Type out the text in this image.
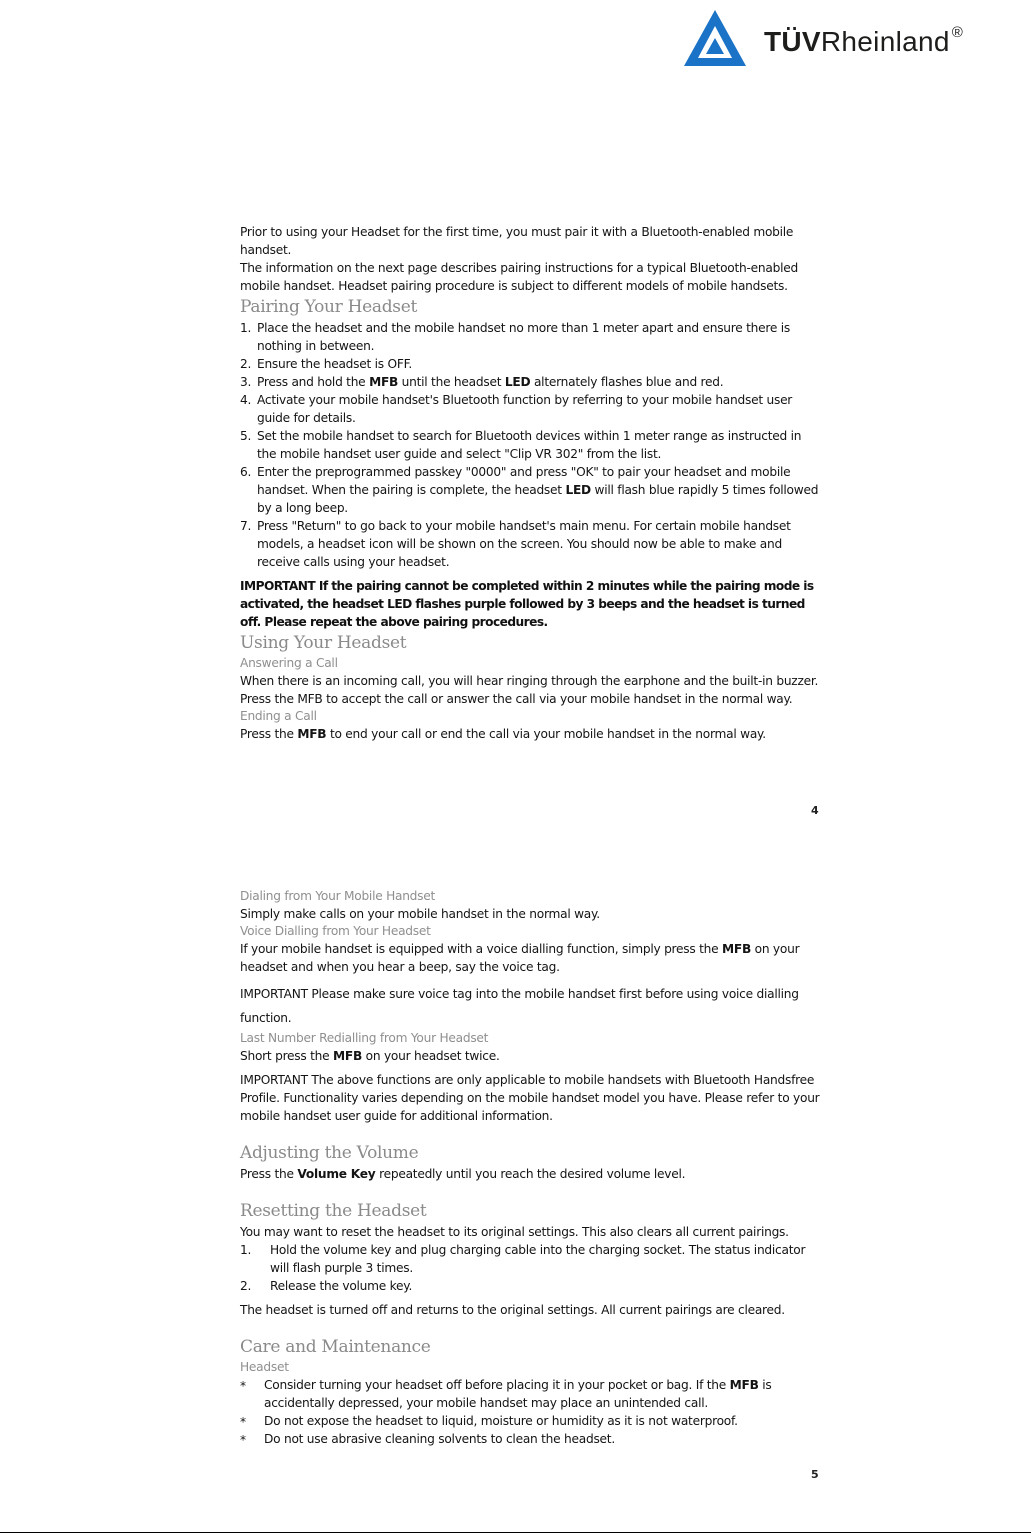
TÜVRheinland ®

Prior to using your Headset for the first time, you must pair it with a Bluetooth-enabled mobile handset.

The information on the next page describes pairing instructions for a typical Bluetooth-enabled mobile handset. Headset pairing procedure is subject to different models of mobile handsets.

Pairing Your Headset
1. Place the headset and the mobile handset no more than 1 meter apart and ensure there is nothing in between.
2. Ensure the headset is OFF.
3. Press and hold the MFB until the headset LED alternately flashes blue and red.
4. Activate your mobile handset's Bluetooth function by referring to your mobile handset user guide for details.
5. Set the mobile handset to search for Bluetooth devices within 1 meter range as instructed in the mobile handset user guide and select "Clip VR 302" from the list.
6. Enter the preprogrammed passkey "0000" and press "OK" to pair your headset and mobile handset. When the pairing is complete, the headset LED will flash blue rapidly 5 times followed by a long beep.
7. Press "Return" to go back to your mobile handset's main menu. For certain mobile handset models, a headset icon will be shown on the screen. You should now be able to make and receive calls using your headset.

IMPORTANT If the pairing cannot be completed within 2 minutes while the pairing mode is activated, the headset LED flashes purple followed by 3 beeps and the headset is turned off. Please repeat the above pairing procedures.

Using Your Headset
Answering a Call

When there is an incoming call, you will hear ringing through the earphone and the built-in buzzer. Press the MFB to accept the call or answer the call via your mobile handset in the normal way.

Ending a Call

Press the MFB to end your call or end the call via your mobile handset in the normal way.

4
Dialing from Your Mobile Handset

Simply make calls on your mobile handset in the normal way.

Voice Dialling from Your Headset

If your mobile handset is equipped with a voice dialling function, simply press the MFB on your headset and when you hear a beep, say the voice tag.

IMPORTANT Please make sure voice tag into the mobile handset first before using voice dialling function.

Last Number Redialling from Your Headset

Short press the MFB on your headset twice.

IMPORTANT The above functions are only applicable to mobile handsets with Bluetooth Handsfree Profile. Functionality varies depending on the mobile handset model you have. Please refer to your mobile handset user guide for additional information.

Adjusting the Volume

Press the Volume Key repeatedly until you reach the desired volume level.

Resetting the Headset

You may want to reset the headset to its original settings. This also clears all current pairings.

1. Hold the volume key and plug charging cable into the charging socket. The status indicator will flash purple 3 times.
2. Release the volume key.

The headset is turned off and returns to the original settings. All current pairings are cleared.

Care and Maintenance
Headset
* Consider turning your headset off before placing it in your pocket or bag. If the MFB is accidentally depressed, your mobile handset may place an unintended call.
* Do not expose the headset to liquid, moisture or humidity as it is not waterproof.
* Do not use abrasive cleaning solvents to clean the headset.
5
